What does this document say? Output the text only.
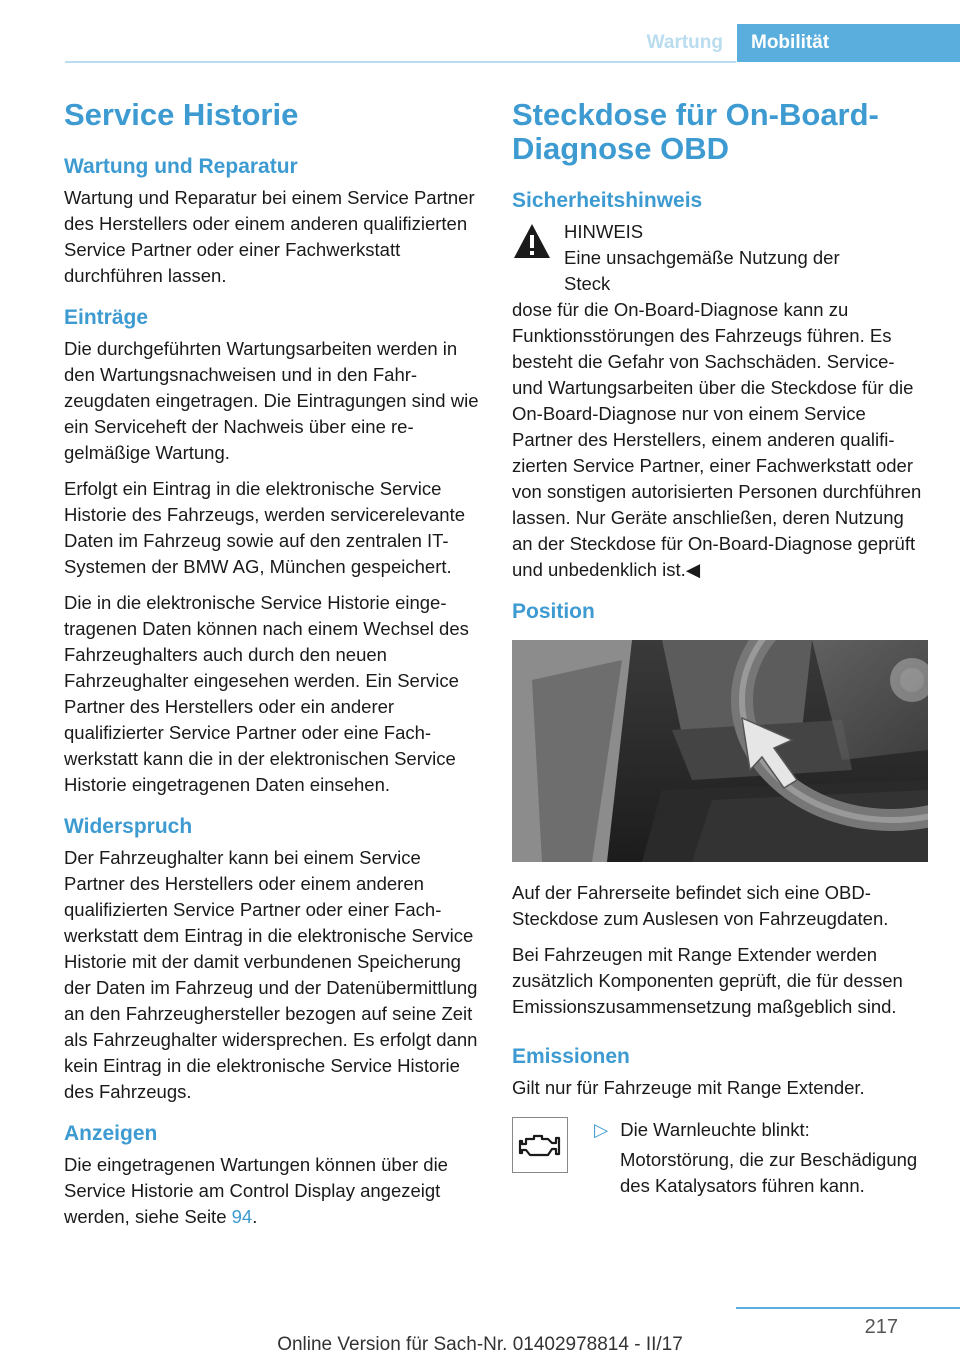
Wartung	Mobilität
Service Historie
Wartung und Reparatur

Wartung und Reparatur bei einem Service Partner des Herstellers oder einem anderen qualifizierten Service Partner oder einer Fachwerkstatt durchführen lassen.

Einträge

Die durchgeführten Wartungsarbeiten werden in den Wartungsnachweisen und in den Fahrzeugdaten eingetragen. Die Eintragungen sind wie ein Serviceheft der Nachweis über eine regelmäßige Wartung.

Erfolgt ein Eintrag in die elektronische Service Historie des Fahrzeugs, werden servicerelevante Daten im Fahrzeug sowie auf den zentralen IT-Systemen der BMW AG, München gespeichert.

Die in die elektronische Service Historie eingetragenen Daten können nach einem Wechsel des Fahrzeughalters auch durch den neuen Fahrzeughalter eingesehen werden. Ein Service Partner des Herstellers oder ein anderer qualifizierter Service Partner oder eine Fachwerkstatt kann die in der elektronischen Service Historie eingetragenen Daten einsehen.

Widerspruch

Der Fahrzeughalter kann bei einem Service Partner des Herstellers oder einem anderen qualifizierten Service Partner oder einer Fachwerkstatt dem Eintrag in die elektronische Service Historie mit der damit verbundenen Speicherung der Daten im Fahrzeug und der Datenübermittlung an den Fahrzeughersteller bezogen auf seine Zeit als Fahrzeughalter widersprechen. Es erfolgt dann kein Eintrag in die elektronische Service Historie des Fahrzeugs.

Anzeigen

Die eingetragenen Wartungen können über die Service Historie am Control Display angezeigt werden, siehe Seite 94.

Steckdose für On-Board-Diagnose OBD
Sicherheitshinweis
HINWEIS
Eine unsachgemäße Nutzung der Steck

dose für die On-Board-Diagnose kann zu Funktionsstörungen des Fahrzeugs führen. Es besteht die Gefahr von Sachschäden. Service- und Wartungsarbeiten über die Steckdose für die On-Board-Diagnose nur von einem Service Partner des Herstellers, einem anderen qualifizierten Service Partner, einer Fachwerkstatt oder von sonstigen autorisierten Personen durchführen lassen. Nur Geräte anschließen, deren Nutzung an der Steckdose für On-Board-Diagnose geprüft und unbedenklich ist.◀

Position

Auf der Fahrerseite befindet sich eine OBD-Steckdose zum Auslesen von Fahrzeugdaten.

Bei Fahrzeugen mit Range Extender werden zusätzlich Komponenten geprüft, die für dessen Emissionszusammensetzung maßgeblich sind.

Emissionen

Gilt nur für Fahrzeuge mit Range Extender.

▷ Die Warnleuchte blinkt:
Motorstörung, die zur Beschädigung des Katalysators führen kann.
217
Online Version für Sach-Nr. 01402978814 - II/17
